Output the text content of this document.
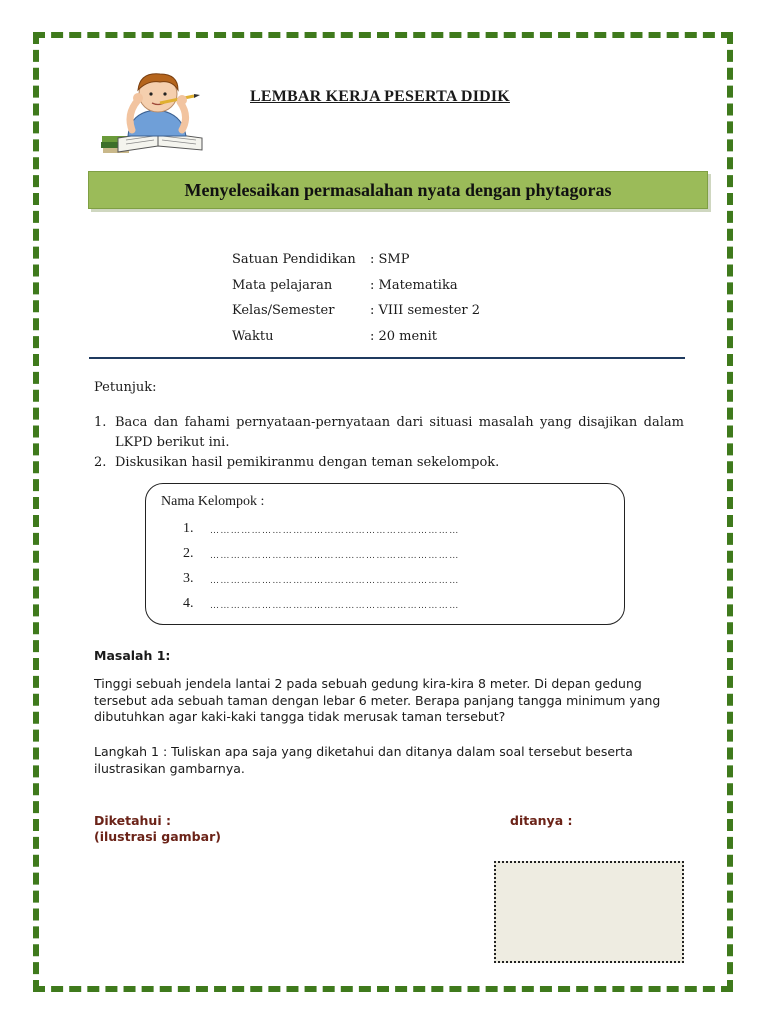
LEMBAR KERJA PESERTA DIDIK
Menyelesaikan permasalahan nyata dengan phytagoras
Satuan Pendidikan	: SMP
Mata pelajaran	: Matematika
Kelas/Semester	: VIII semester 2
Waktu	: 20 menit
Petunjuk:
1. Baca dan fahami pernyataan-pernyataan dari situasi masalah yang disajikan dalam LKPD berikut ini.
2. Diskusikan hasil pemikiranmu dengan teman sekelompok.
Nama Kelompok :
1.	………………………………………………………………
2.	………………………………………………………………
3.	………………………………………………………………
4.	………………………………………………………………
Masalah 1:
Tinggi sebuah jendela lantai 2 pada sebuah gedung kira-kira 8 meter. Di depan gedung tersebut ada sebuah taman dengan lebar 6 meter. Berapa panjang tangga minimum yang dibutuhkan agar kaki-kaki tangga tidak merusak taman tersebut?
Langkah 1 : Tuliskan apa saja yang diketahui dan ditanya dalam soal tersebut beserta ilustrasikan gambarnya.
Diketahui :
(ilustrasi gambar)
ditanya :
